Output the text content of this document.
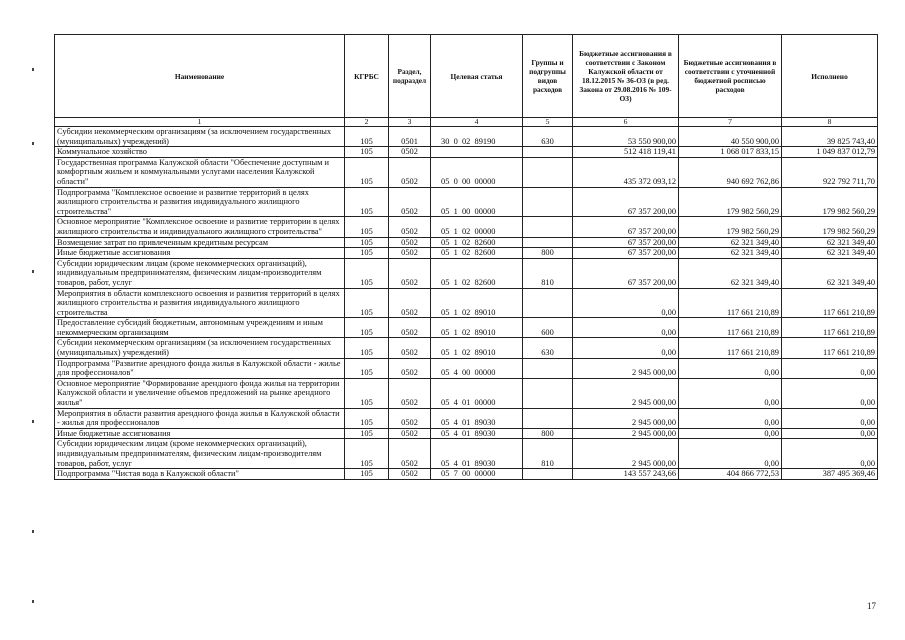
Наименование	КГРБС	Раздел, подраздел	Целевая статья	Группы и подгруппы видов расходов	Бюджетные ассигнования в соответствии с Законом Калужской области от 18.12.2015 № 36-ОЗ (в ред. Закона от 29.08.2016 № 109-ОЗ)	Бюджетные ассигнования в соответствии с уточненной бюджетной росписью расходов	Исполнено
1	2	3	4	5	6	7	8
Субсидии некоммерческим организациям (за исключением государственных (муниципальных) учреждений)	105	0501	30  0  02  89190	630	53 550 900,00	40 550 900,00	39 825 743,40
Коммунальное хозяйство	105	0502			512 418 119,41	1 068 017 833,15	1 049 837 012,79
Государственная программа Калужской области "Обеспечение доступным и комфортным жильем и коммунальными услугами населения Калужской области"	105	0502	05  0  00  00000		435 372 093,12	940 692 762,86	922 792 711,70
Подпрограмма "Комплексное освоение и развитие территорий в целях жилищного строительства и развития индивидуального жилищного строительства"	105	0502	05  1  00  00000		67 357 200,00	179 982 560,29	179 982 560,29
Основное мероприятие "Комплексное освоение и развитие территории в целях жилищного строительства и индивидуального жилищного строительства"	105	0502	05  1  02  00000		67 357 200,00	179 982 560,29	179 982 560,29
Возмещение затрат по привлеченным кредитным ресурсам	105	0502	05  1  02  82600		67 357 200,00	62 321 349,40	62 321 349,40
Иные бюджетные ассигнования	105	0502	05  1  02  82600	800	67 357 200,00	62 321 349,40	62 321 349,40
Субсидии юридическим лицам (кроме некоммерческих организаций), индивидуальным предпринимателям, физическим лицам-производителям товаров, работ, услуг	105	0502	05  1  02  82600	810	67 357 200,00	62 321 349,40	62 321 349,40
Мероприятия в области комплексного освоения и развития территорий в целях жилищного строительства и развития индивидуального жилищного строительства	105	0502	05  1  02  89010		0,00	117 661 210,89	117 661 210,89
Предоставление субсидий бюджетным, автономным учреждениям и иным некоммерческим организациям	105	0502	05  1  02  89010	600	0,00	117 661 210,89	117 661 210,89
Субсидии некоммерческим организациям (за исключением государственных (муниципальных) учреждений)	105	0502	05  1  02  89010	630	0,00	117 661 210,89	117 661 210,89
Подпрограмма "Развитие арендного фонда жилья в Калужской области - жилье для профессионалов"	105	0502	05  4  00  00000		2 945 000,00	0,00	0,00
Основное мероприятие "Формирование арендного фонда жилья на территории Калужской области и увеличение объемов предложений на рынке арендного жилья"	105	0502	05  4  01  00000		2 945 000,00	0,00	0,00
Мероприятия в области развития арендного фонда жилья в Калужской области - жилья для профессионалов	105	0502	05  4  01  89030		2 945 000,00	0,00	0,00
Иные бюджетные ассигнования	105	0502	05  4  01  89030	800	2 945 000,00	0,00	0,00
Субсидии юридическим лицам (кроме некоммерческих организаций), индивидуальным предпринимателям, физическим лицам-производителям товаров, работ, услуг	105	0502	05  4  01  89030	810	2 945 000,00	0,00	0,00
Подпрограмма "Чистая вода в Калужской области"	105	0502	05  7  00  00000		143 557 243,66	404 866 772,53	387 495 369,46
17
